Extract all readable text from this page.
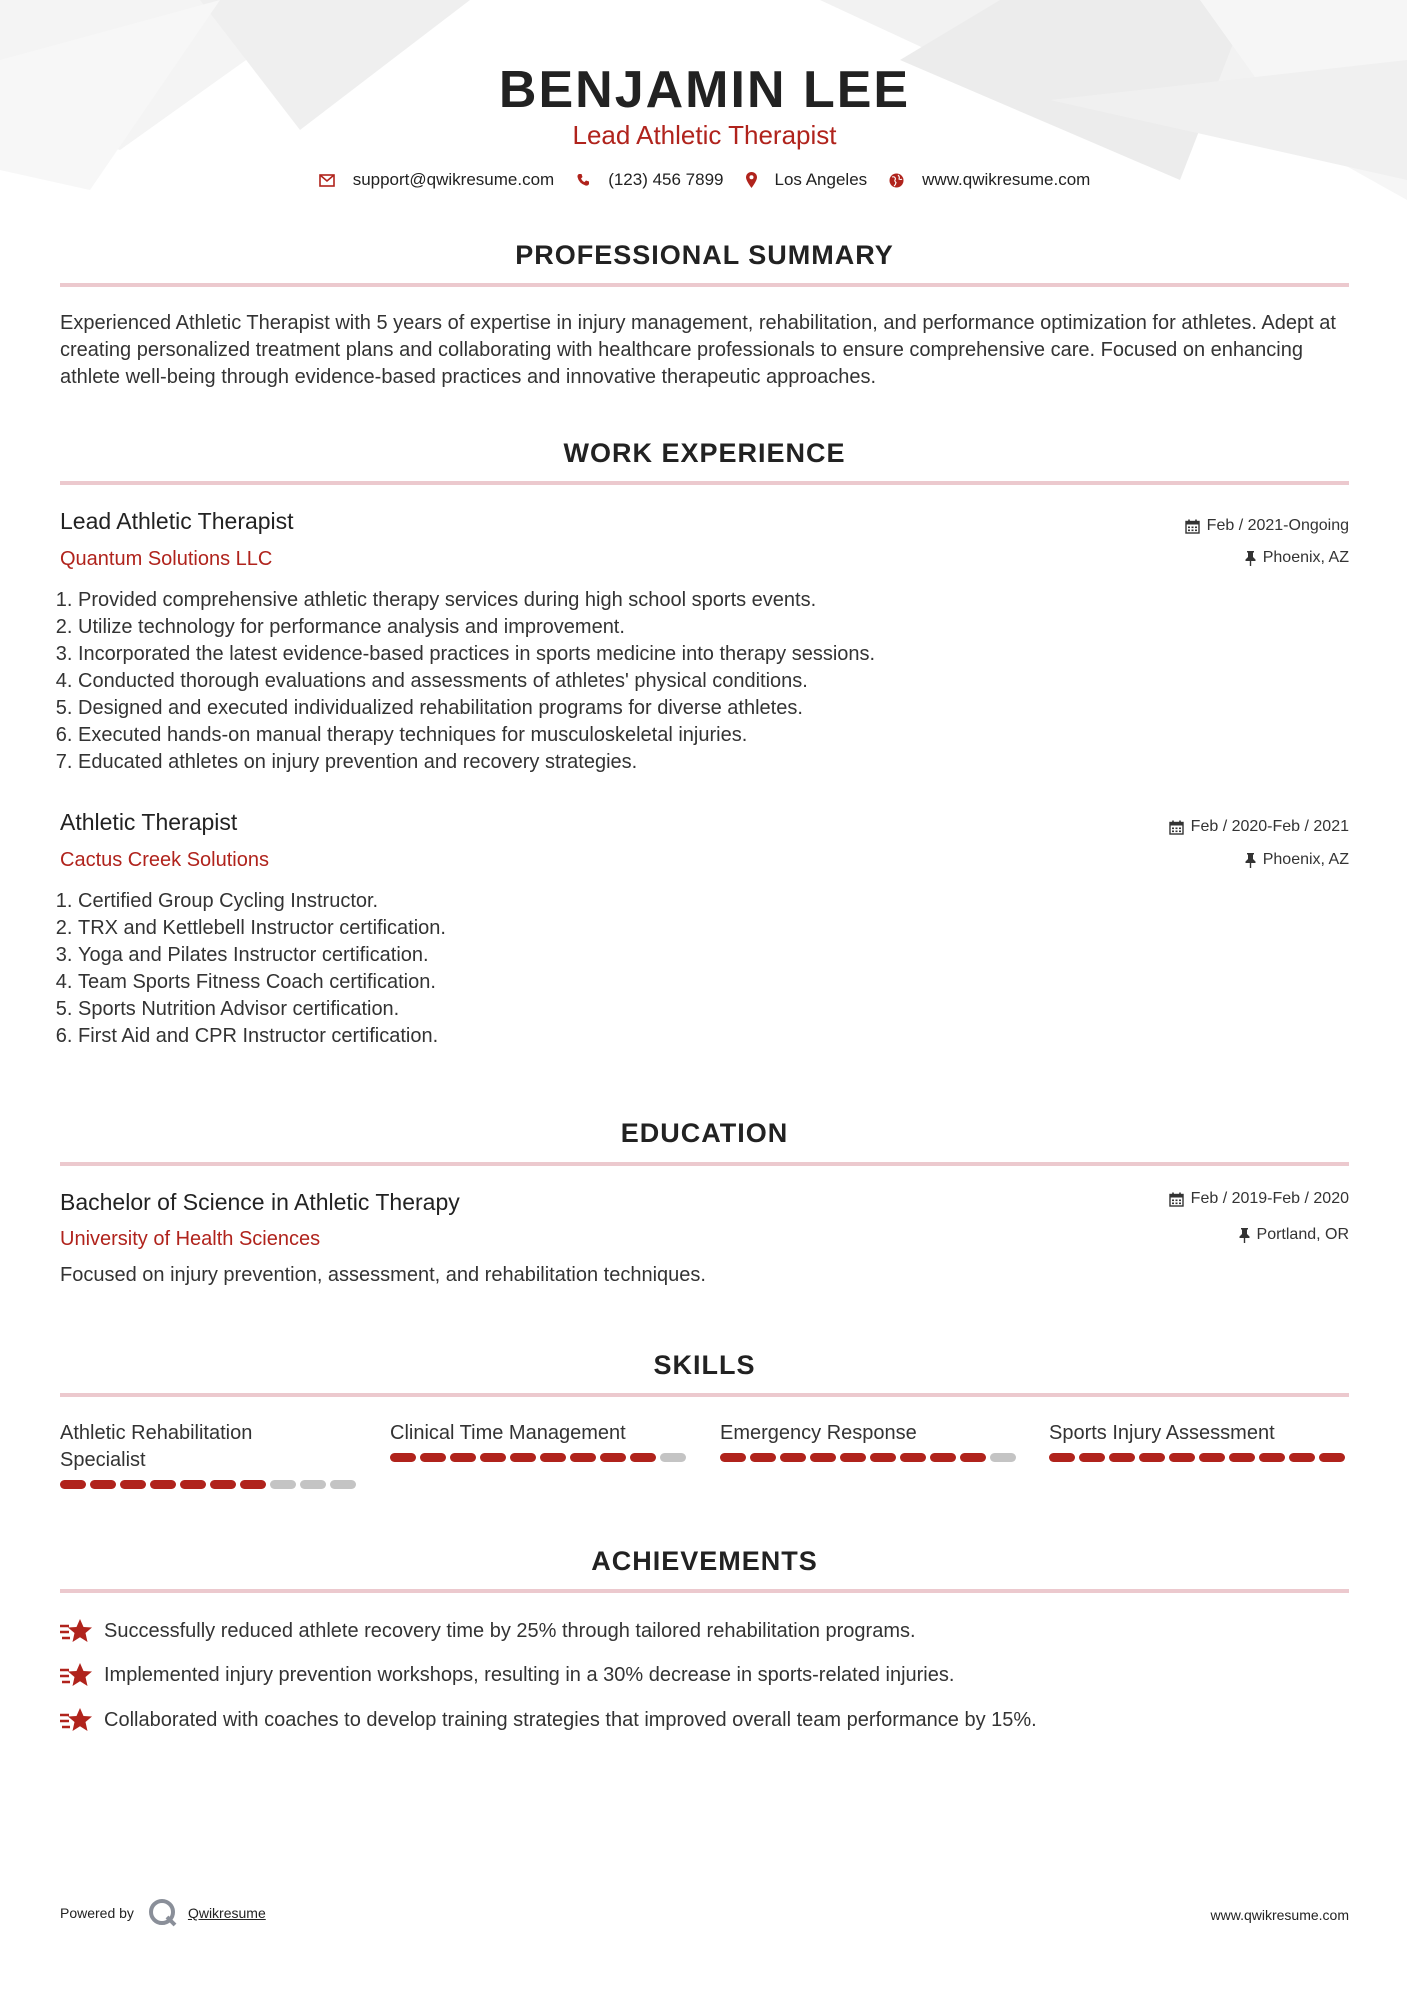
BENJAMIN LEE
Lead Athletic Therapist
support@qwikresume.com	(123) 456 7899	Los Angeles	www.qwikresume.com
PROFESSIONAL SUMMARY
Experienced Athletic Therapist with 5 years of expertise in injury management, rehabilitation, and performance optimization for athletes. Adept at creating personalized treatment plans and collaborating with healthcare professionals to ensure comprehensive care. Focused on enhancing athlete well-being through evidence-based practices and innovative therapeutic approaches.
WORK EXPERIENCE
Lead Athletic Therapist
Quantum Solutions LLC
Feb / 2021-Ongoing
Phoenix, AZ
1. Provided comprehensive athletic therapy services during high school sports events.
2. Utilize technology for performance analysis and improvement.
3. Incorporated the latest evidence-based practices in sports medicine into therapy sessions.
4. Conducted thorough evaluations and assessments of athletes' physical conditions.
5. Designed and executed individualized rehabilitation programs for diverse athletes.
6. Executed hands-on manual therapy techniques for musculoskeletal injuries.
7. Educated athletes on injury prevention and recovery strategies.
Athletic Therapist
Cactus Creek Solutions
Feb / 2020-Feb / 2021
Phoenix, AZ
1. Certified Group Cycling Instructor.
2. TRX and Kettlebell Instructor certification.
3. Yoga and Pilates Instructor certification.
4. Team Sports Fitness Coach certification.
5. Sports Nutrition Advisor certification.
6. First Aid and CPR Instructor certification.
EDUCATION
Bachelor of Science in Athletic Therapy
University of Health Sciences
Feb / 2019-Feb / 2020
Portland, OR
Focused on injury prevention, assessment, and rehabilitation techniques.
SKILLS
Athletic Rehabilitation Specialist
Clinical Time Management	Emergency Response	Sports Injury Assessment
ACHIEVEMENTS
Successfully reduced athlete recovery time by 25% through tailored rehabilitation programs.
Implemented injury prevention workshops, resulting in a 30% decrease in sports-related injuries.
Collaborated with coaches to develop training strategies that improved overall team performance by 15%.
Powered by	Qwikresume	www.qwikresume.com
